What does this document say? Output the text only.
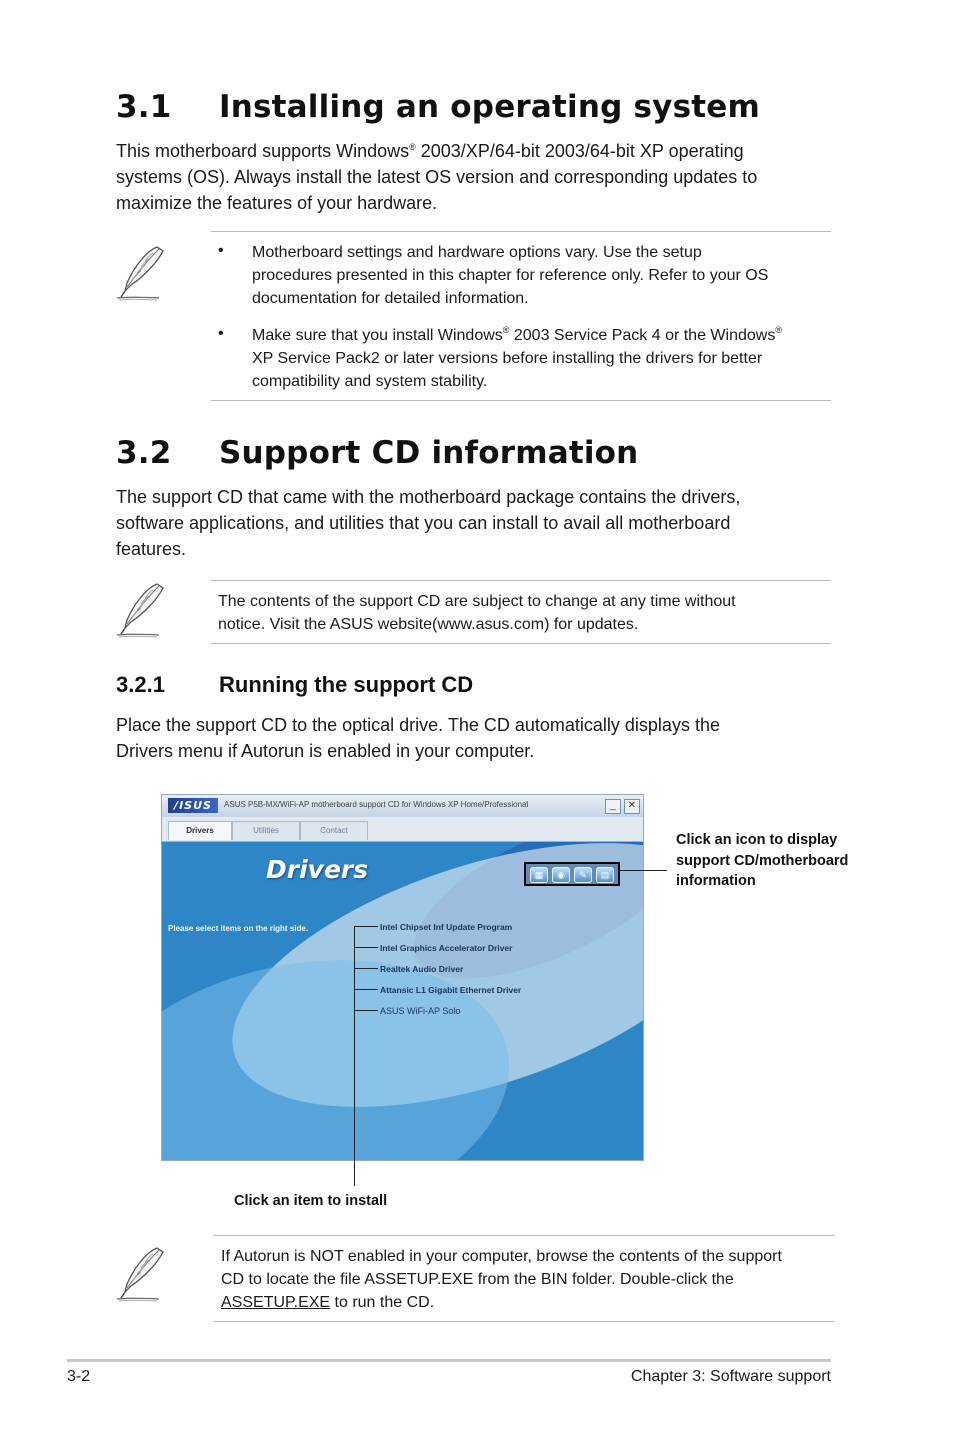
3.1 Installing an operating system
This motherboard supports Windows® 2003/XP/64-bit 2003/64-bit XP operating
systems (OS). Always install the latest OS version and corresponding updates to
maximize the features of your hardware.
• Motherboard settings and hardware options vary. Use the setup
procedures presented in this chapter for reference only. Refer to your OS
documentation for detailed information.
• Make sure that you install Windows® 2003 Service Pack 4 or the Windows®
XP Service Pack2 or later versions before installing the drivers for better
compatibility and system stability.
3.2 Support CD information
The support CD that came with the motherboard package contains the drivers,
software applications, and utilities that you can install to avail all motherboard
features.
The contents of the support CD are subject to change at any time without
notice. Visit the ASUS website(www.asus.com) for updates.
3.2.1 Running the support CD
Place the support CD to the optical drive. The CD automatically displays the
Drivers menu if Autorun is enabled in your computer.
/ISUS	ASUS P5B-MX/WiFi-AP motherboard support CD for Windows XP Home/Professional	_	✕
Drivers	Utilities	Contact
Drivers
Please select items on the right side.
▦	◉	✎	▤
Intel Chipset Inf Update Program
Intel Graphics Accelerator Driver
Realtek Audio Driver
Attansic L1 Gigabit Ethernet Driver
ASUS WiFi-AP Solo
Click an icon to display
support CD/motherboard
information
Click an item to install
If Autorun is NOT enabled in your computer, browse the contents of the support
CD to locate the file ASSETUP.EXE from the BIN folder. Double-click the
ASSETUP.EXE to run the CD.
3-2	Chapter 3: Software support
